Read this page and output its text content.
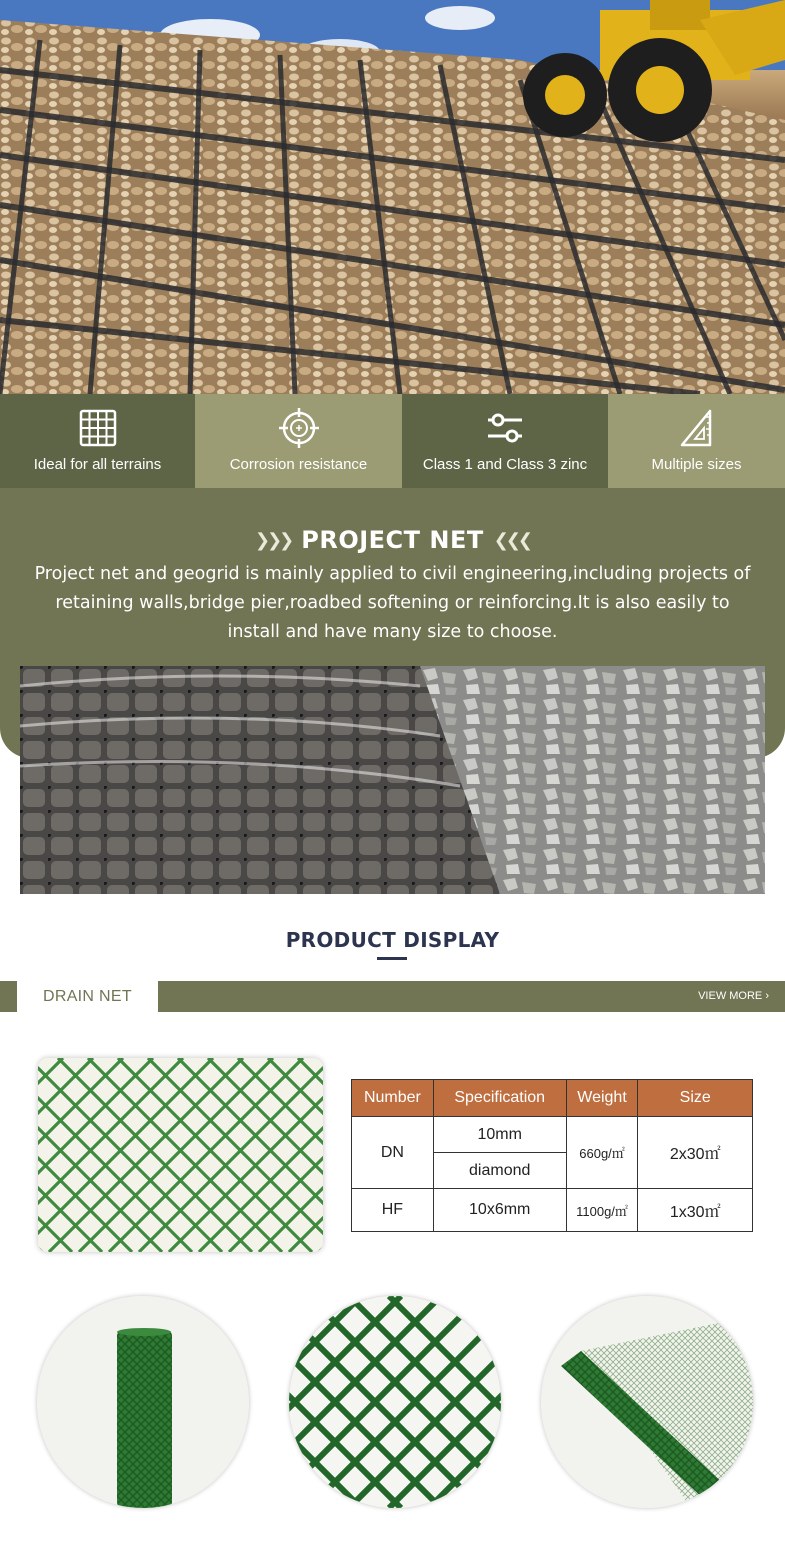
Ideal for all terrains	Corrosion resistance	Class 1 and Class 3 zinc	Multiple sizes
❯❯❯ PROJECT NET ❮❮❮
Project net and geogrid is mainly applied to civil engineering,including projects of retaining walls,bridge pier,roadbed softening or reinforcing.It is also easily to install and have many size to choose.
PRODUCT DISPLAY
DRAIN NET	VIEW MORE ›
Number	Specification	Weight	Size
DN	10mm	660g/㎡	2x30㎡
	diamond		
HF	10x6mm	1100g/㎡	1x30㎡
